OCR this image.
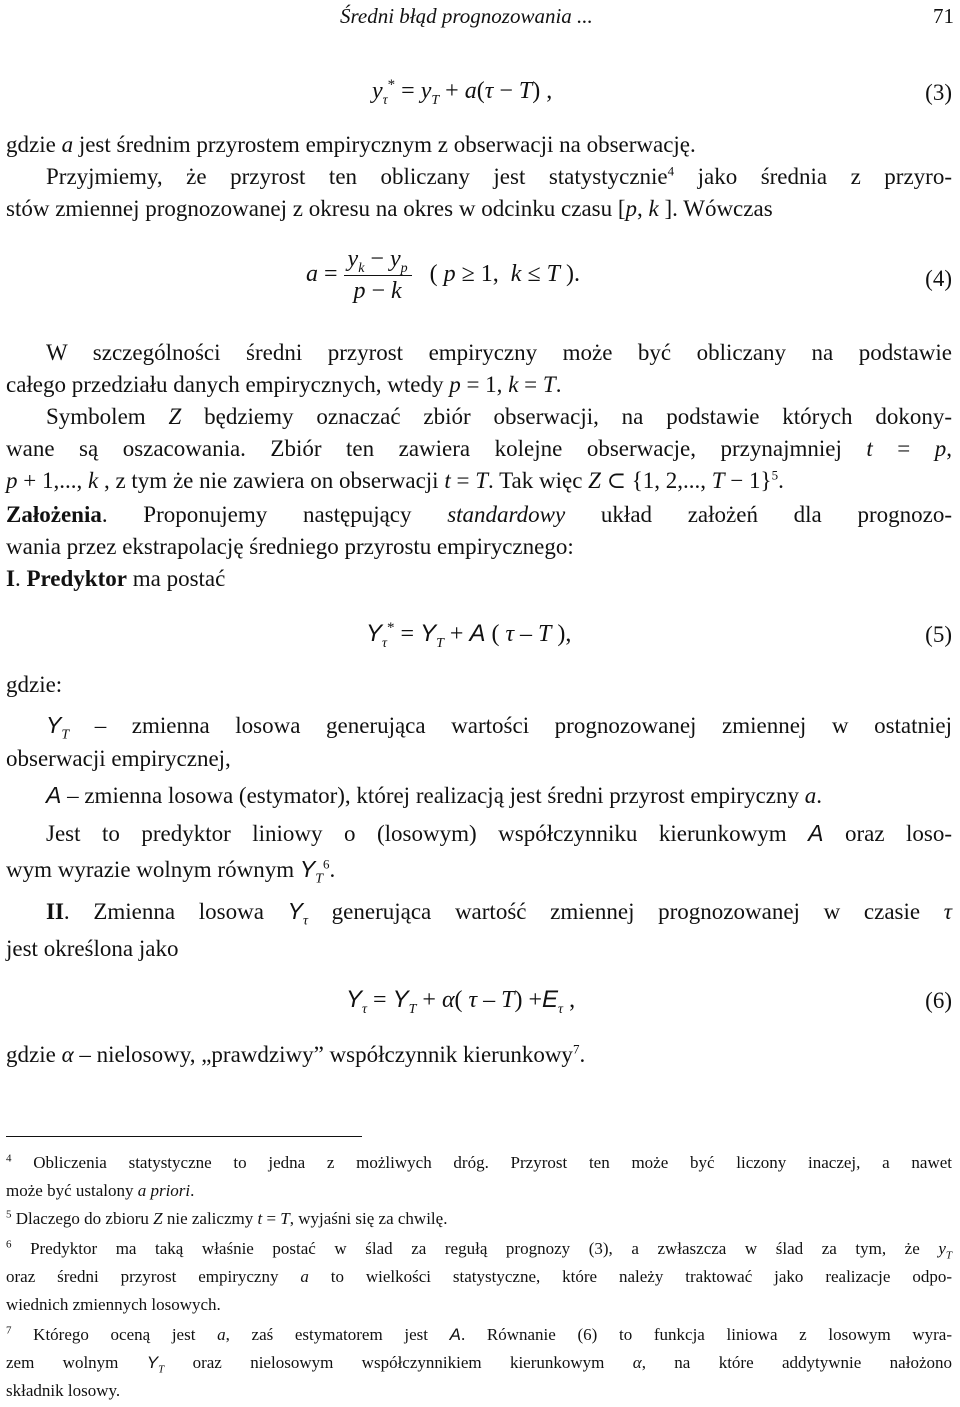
Średni błąd prognozowania ...	71
$y_\tau^* = y_T + a(\tau - T)$ ,	(3)
gdzie a jest średnim przyrostem empirycznym z obserwacji na obserwację.
Przyjmiemy, że przyrost ten obliczany jest statystycznie$^4$ jako średnia z przyro-
stów zmiennej prognozowanej z okresu na okres w odcinku czasu [p, k ]. Wówczas
$a = \frac{y_k - y_p}{p - k}$ ( p ≥ 1,  k ≤ T ).	(4)
W szczególności średni przyrost empiryczny może być obliczany na podstawie
całego przedziału danych empirycznych, wtedy p = 1, k = T.
Symbolem Z będziemy oznaczać zbiór obserwacji, na podstawie których dokony-
wane są oszacowania. Zbiór ten zawiera kolejne obserwacje, przynajmniej t = p,
p + 1,..., k , z tym że nie zawiera on obserwacji t = T. Tak więc Z ⊂ {1, 2,..., T − 1}$^5$.
Założenia. Proponujemy następujący standardowy układ założeń dla prognozo-
wania przez ekstrapolację średniego przyrostu empirycznego:
I. Predyktor ma postać
$Y_\tau^* = Y_T + A$ ( τ – T ),	(5)
gdzie:
$Y_T$ – zmienna losowa generująca wartości prognozowanej zmiennej w ostatniej
obserwacji empirycznej,
A – zmienna losowa (estymator), której realizacją jest średni przyrost empiryczny a.
Jest to predyktor liniowy o (losowym) współczynniku kierunkowym A oraz loso-
wym wyrazie wolnym równym $Y_T^6$.
II. Zmienna losowa $Y_\tau$ generująca wartość zmiennej prognozowanej w czasie τ
jest określona jako
$Y_\tau = Y_T + \alpha$( $\tau - T) +E_\tau$ ,	(6)
gdzie α – nielosowy, „prawdziwy” współczynnik kierunkowy$^7$.
$^4$ Obliczenia statystyczne to jedna z możliwych dróg. Przyrost ten może być liczony inaczej, a nawet
może być ustalony a priori.
$^5$ Dlaczego do zbioru Z nie zaliczmy t = T, wyjaśni się za chwilę.
$^6$ Predyktor ma taką właśnie postać w ślad za regułą prognozy (3), a zwłaszcza w ślad za tym, że $y_T$
oraz średni przyrost empiryczny a to wielkości statystyczne, które należy traktować jako realizacje odpo-
wiednich zmiennych losowych.
$^7$ Którego oceną jest a, zaś estymatorem jest A. Równanie (6) to funkcja liniowa z losowym wyra-
zem wolnym $Y_T$ oraz nielosowym współczynnikiem kierunkowym α, na które addytywnie nałożono
składnik losowy.
